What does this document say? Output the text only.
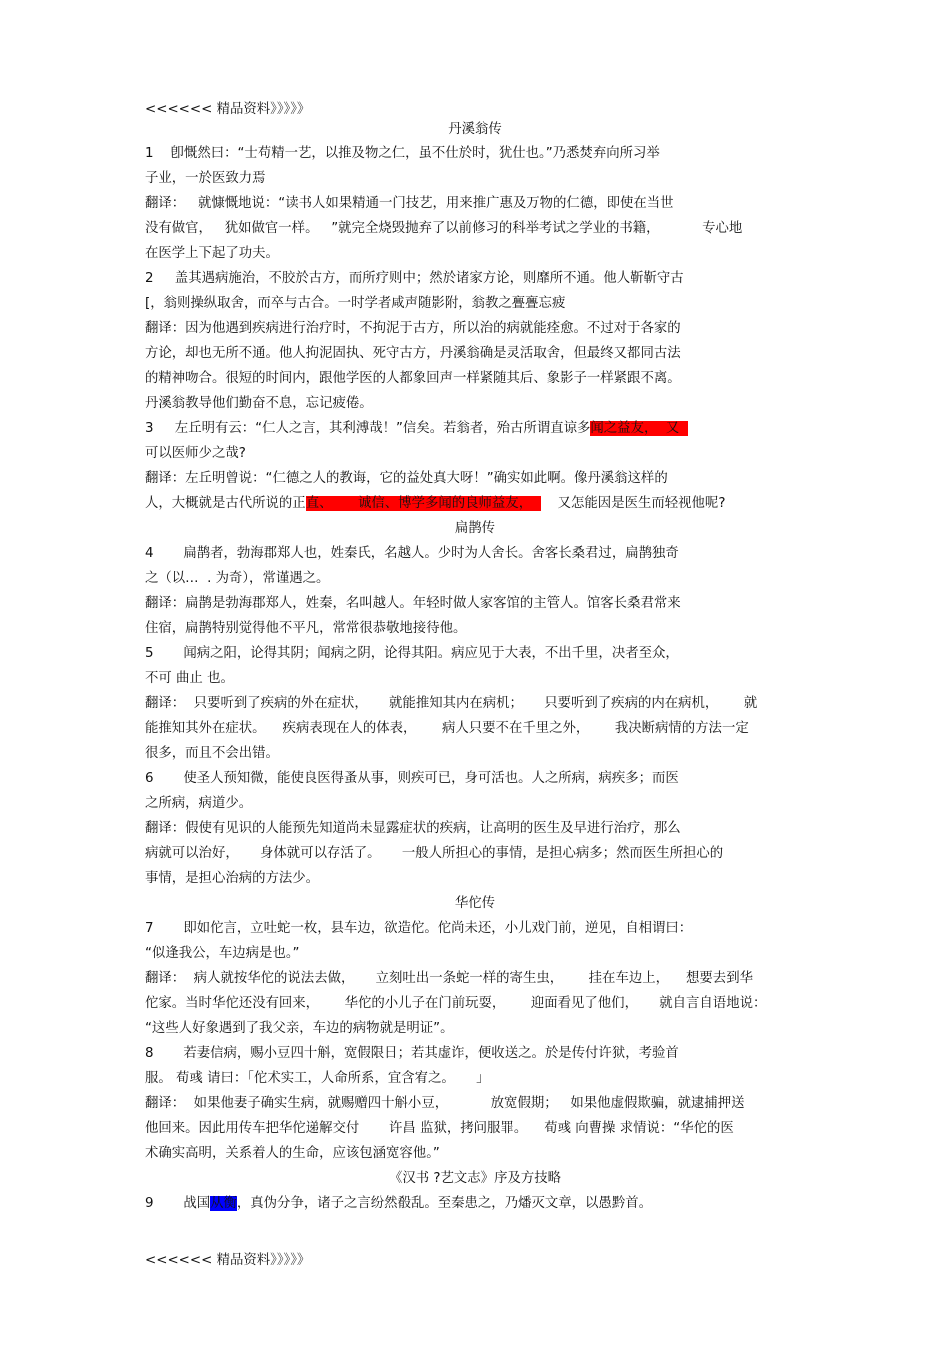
<<<<<< 精品资料》》》》》
丹溪翁传
1    卽慨然曰：“士苟精一艺，以推及物之仁，虽不仕於时，犹仕也。”乃悉焚弃向所习举
子业，一於医致力焉
翻译：   就慷慨地说：“读书人如果精通一门技艺，用来推广惠及万物的仁德，即使在当世
没有做官，   犹如做官一样。   ”就完全烧毁抛弃了以前修习的科举考试之学业的书籍，          专心地
在医学上下起了功夫。
2     盖其遇病施治，不胶於古方，而所疗则中；然於诸家方论，则靡所不通。他人靳靳守古
[，翁则操纵取舍，而卒与古合。一时学者咸声随影附，翁教之亹亹忘疲
翻译：因为他遇到疾病进行治疗时，不拘泥于古方，所以治的病就能痊愈。不过对于各家的
方论，却也无所不通。他人拘泥固执、死守古方，丹溪翁确是灵活取舍，但最终又都同古法
的精神吻合。很短的时间内，跟他学医的人都象回声一样紧随其后、象影子一样紧跟不离。
丹溪翁教导他们勤奋不息，忘记疲倦。
3     左丘明有云：“仁人之言，其利溥哉！”信矣。若翁者，殆古所谓直谅多闻之益友，  又
可以医师少之哉?
翻译：左丘明曾说：“仁德之人的教诲，它的益处真大呀！”确实如此啊。像丹溪翁这样的
人，大概就是古代所说的正直、      诚信、博学多闻的良师益友，      又怎能因是医生而轻视他呢?
扁鹊传
4       扁鹊者，勃海郡郑人也，姓秦氏，名越人。少时为人舍长。舍客长桑君过，扁鹊独奇
之（以…  . 为奇），常谨遇之。
翻译：扁鹊是勃海郡郑人，姓秦，名叫越人。年轻时做人家客馆的主管人。馆客长桑君常来
住宿，扁鹊特别觉得他不平凡，常常很恭敬地接待他。
5       闻病之阳，论得其阴；闻病之阴，论得其阳。病应见于大表，不出千里，决者至众，
不可 曲止 也。
翻译：  只要听到了疾病的外在症状，     就能推知其内在病机；     只要听到了疾病的内在病机，      就
能推知其外在症状。    疾病表现在人的体表，      病人只要不在千里之外，      我决断病情的方法一定
很多，而且不会出错。
6       使圣人预知微，能使良医得蚤从事，则疾可已，身可活也。人之所病，病疾多；而医
之所病，病道少。
翻译：假使有见识的人能预先知道尚未显露症状的疾病，让高明的医生及早进行治疗，那么
病就可以治好，     身体就可以存活了。     一般人所担心的事情，是担心病多；然而医生所担心的
事情，是担心治病的方法少。
华佗传
7       即如佗言，立吐蛇一枚，县车边，欲造佗。佗尚未还，小儿戏门前，逆见，自相谓曰：
“似逢我公，车边病是也。”
翻译：  病人就按华佗的说法去做，     立刻吐出一条蛇一样的寄生虫，      挂在车边上，    想要去到华
佗家。当时华佗还没有回来，      华佗的小儿子在门前玩耍，      迎面看见了他们，     就自言自语地说：
“这些人好象遇到了我父亲，车边的病物就是明证”。
8       若妻信病，赐小豆四十斛，宽假限日；若其虚诈，便收送之。於是传付许狱，考验首
服。 荀彧 请曰：「佗术实工，人命所系，宜含宥之。     」
翻译：  如果他妻子确实生病，就赐赠四十斛小豆，          放宽假期；   如果他虚假欺骗，就逮捕押送
他回来。因此用传车把华佗递解交付       许昌 监狱，拷问服罪。    荀彧 向曹操 求情说：“华佗的医
术确实高明，关系着人的生命，应该包涵宽容他。”
《汉书 ?艺文志》序及方技略
9       战国从衡，真伪分争，诸子之言纷然殽乱。至秦患之，乃燔灭文章，以愚黔首。
<<<<<< 精品资料》》》》》
